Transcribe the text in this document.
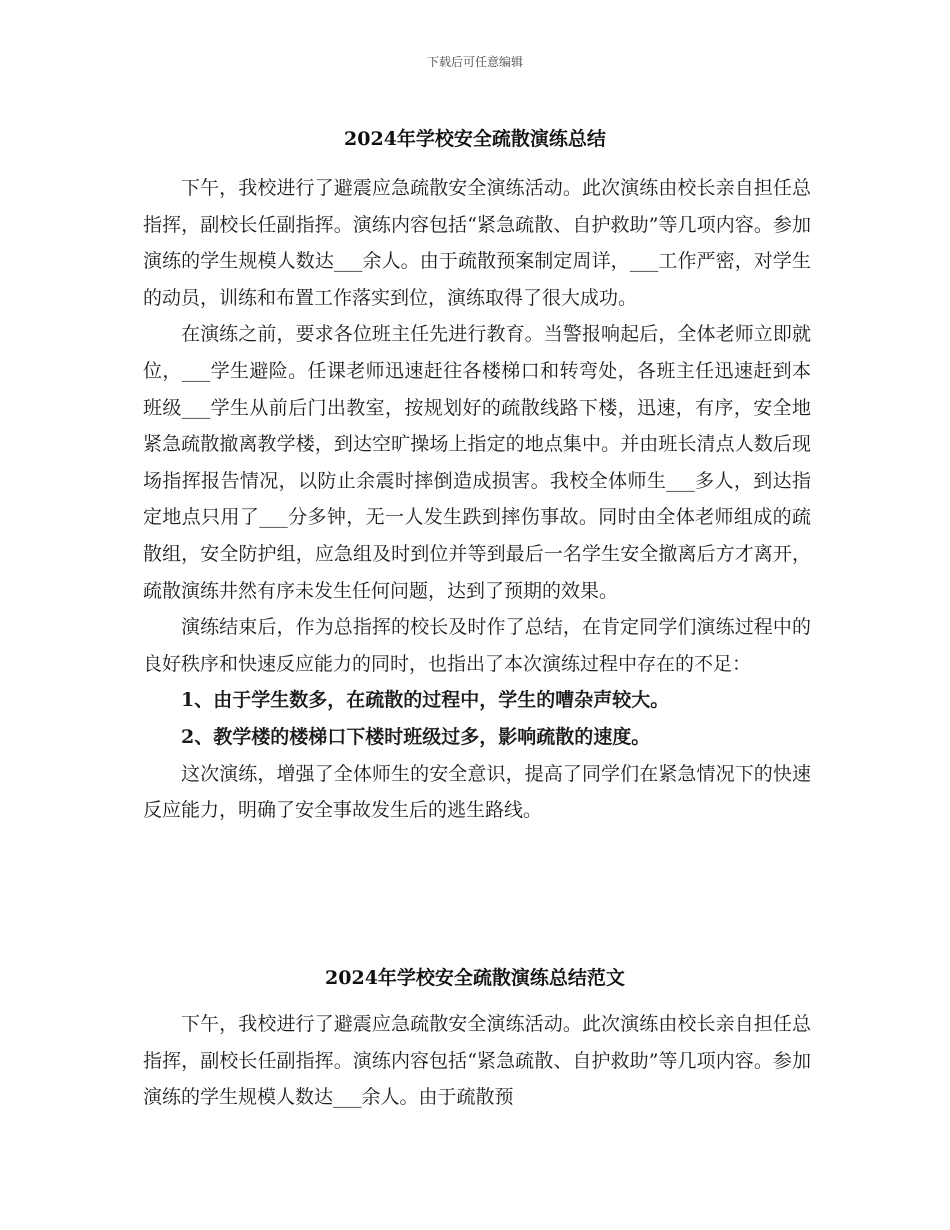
下载后可任意编辑
2024年学校安全疏散演练总结

下午，我校进行了避震应急疏散安全演练活动。此次演练由校长亲自担任总指挥，副校长任副指挥。演练内容包括“紧急疏散、自护救助”等几项内容。参加演练的学生规模人数达___余人。由于疏散预案制定周详，___工作严密，对学生的动员，训练和布置工作落实到位，演练取得了很大成功。

在演练之前，要求各位班主任先进行教育。当警报响起后，全体老师立即就位，___学生避险。任课老师迅速赶往各楼梯口和转弯处，各班主任迅速赶到本班级___学生从前后门出教室，按规划好的疏散线路下楼，迅速，有序，安全地紧急疏散撤离教学楼，到达空旷操场上指定的地点集中。并由班长清点人数后现场指挥报告情况，以防止余震时摔倒造成损害。我校全体师生___多人，到达指定地点只用了___分多钟，无一人发生跌到摔伤事故。同时由全体老师组成的疏散组，安全防护组，应急组及时到位并等到最后一名学生安全撤离后方才离开，疏散演练井然有序未发生任何问题，达到了预期的效果。

演练结束后，作为总指挥的校长及时作了总结，在肯定同学们演练过程中的良好秩序和快速反应能力的同时，也指出了本次演练过程中存在的不足：

1、由于学生数多，在疏散的过程中，学生的嘈杂声较大。

2、教学楼的楼梯口下楼时班级过多，影响疏散的速度。

这次演练，增强了全体师生的安全意识，提高了同学们在紧急情况下的快速反应能力，明确了安全事故发生后的逃生路线。

2024年学校安全疏散演练总结范文

下午，我校进行了避震应急疏散安全演练活动。此次演练由校长亲自担任总指挥，副校长任副指挥。演练内容包括“紧急疏散、自护救助”等几项内容。参加演练的学生规模人数达___余人。由于疏散预
